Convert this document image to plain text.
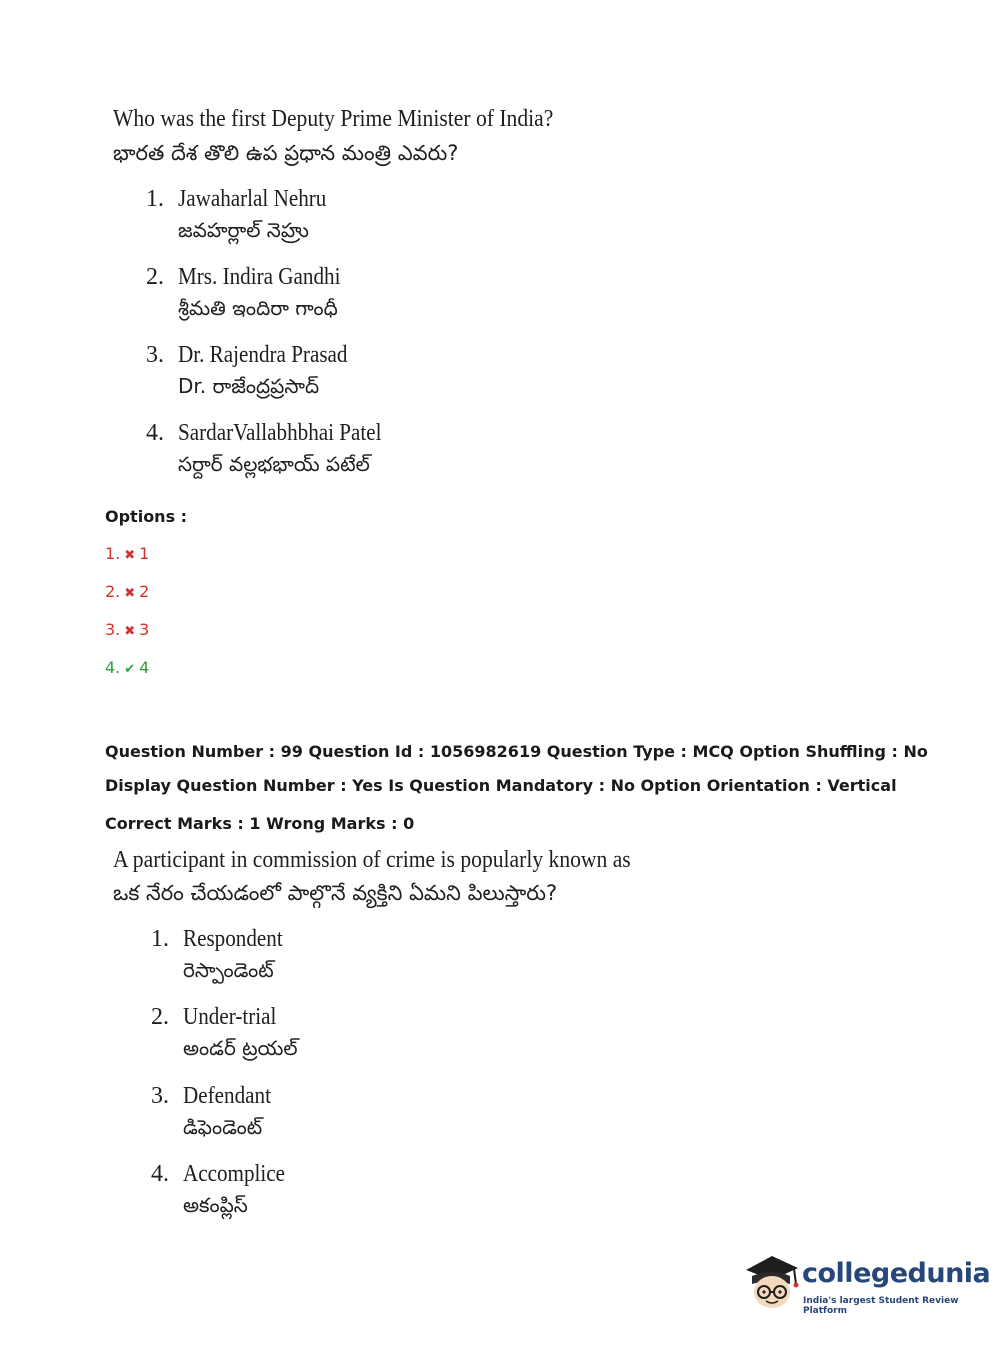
Who was the first Deputy Prime Minister of India?
భారత దేశ తొలి ఉప ప్రధాన మంత్రి ఎవరు?
1. Jawaharlal Nehru
జవహర్లాల్ నెహ్రు
2. Mrs. Indira Gandhi
శ్రీమతి ఇందిరా గాంధీ
3. Dr. Rajendra Prasad
Dr. రాజేంద్రప్రసాద్
4. SardarVallabhbhai Patel
సర్దార్ వల్లభభాయ్ పటేల్
Options :
1. ✖ 1
2. ✖ 2
3. ✖ 3
4. ✔ 4
Question Number : 99 Question Id : 1056982619 Question Type : MCQ Option Shuffling : No
Display Question Number : Yes Is Question Mandatory : No Option Orientation : Vertical
Correct Marks : 1 Wrong Marks : 0
A participant in commission of crime is popularly known as
ఒక నేరం చేయడంలో పాల్గొనే వ్యక్తిని ఏమని పిలుస్తారు?
1. Respondent
రెస్పాండెంట్
2. Under-trial
అండర్ ట్రయల్
3. Defendant
డిఫెండెంట్
4. Accomplice
అకంప్లిస్
collegedunia
India's largest Student Review Platform
